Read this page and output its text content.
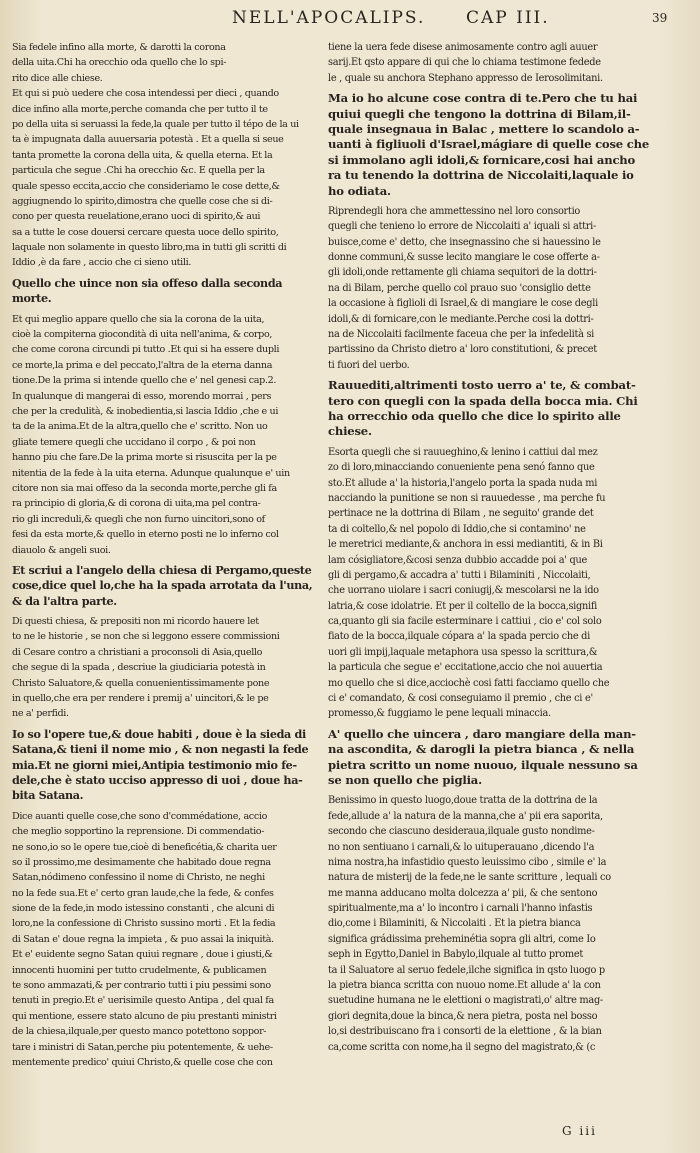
NELL'APOCALIPS. CAP III.	39
Sia fedele infino alla morte, & darotti la corona
della uita.Chi ha orecchio oda quello che lo spi-
rito dice alle chiese.
Et qui si può uedere che cosa intendessi per dieci , quando
dice infino alla morte,perche comanda che per tutto il te
po della uita si seruassi la fede,la quale per tutto il tépo de la ui
ta è impugnata dalla auuersaria potestà . Et a quella si seue
tanta promette la corona della uita, & quella eterna. Et la
particula che segue .Chi ha orecchio &c. E quella per la
quale spesso eccita,accio che consideriamo le cose dette,&
aggiugnendo lo spirito,dimostra che quelle cose che si di-
cono per questa reuelatione,erano uoci di spirito,& aui
sa a tutte le cose douersi cercare questa uoce dello spirito,
laquale non solamente in questo libro,ma in tutti gli scritti di
Iddio ,è da fare , accio che ci sieno utili.
Quello che uince non sia offeso dalla seconda
morte.
Et qui meglio appare quello che sia la corona de la uita,
cioè la compiterna giocondità di uita nell'anima, & corpo,
che come corona circundi pi tutto .Et qui si ha essere dupli
ce morte,la prima e del peccato,l'altra de la eterna danna
tione.De la prima si intende quello che e' nel genesi cap.2.
In qualunque di mangerai di esso, morendo morrai , pers
che per la credulità, & inobedientia,si lascia Iddio ,che e ui
ta de la anima.Et de la altra,quello che e' scritto. Non uo
gliate temere quegli che uccidano il corpo , & poi non
hanno piu che fare.De la prima morte si risuscita per la pe
nitentia de la fede à la uita eterna. Adunque qualunque e' uin
citore non sia mai offeso da la seconda morte,perche gli fa
ra principio di gloria,& di corona di uita,ma pel contra-
rio gli increduli,& quegli che non furno uincitori,sono of
fesi da esta morte,& quello in eterno posti ne lo inferno col
diauolo & angeli suoi.
Et scriui a l'angelo della chiesa di Pergamo,queste
cose,dice quel lo,che ha la spada arrotata da l'una,
& da l'altra parte.
Di questi chiesa, & prepositi non mi ricordo hauere let
to ne le historie , se non che si leggono essere commissioni
di Cesare contro a christiani a proconsoli di Asia,quello
che segue di la spada , descriue la giudiciaria potestà in
Christo Saluatore,& quella conuenientissimamente pone
in quello,che era per rendere i premij a' uincitori,& le pe
ne a' perfidi.
Io so l'opere tue,& doue habiti , doue è la sieda di
Satana,& tieni il nome mio , & non negasti la fede
mia.Et ne giorni miei,Antipia testimonio mio fe-
dele,che è stato ucciso appresso di uoi , doue ha-
bita Satana.
Dice auanti quelle cose,che sono d'commédatione, accio
che meglio sopportino la reprensione. Di commendatio-
ne sono,io so le opere tue,cioè di beneficétia,& charita uer
so il prossimo,me desimamente che habitado doue regna
Satan,nódimeno confessino il nome di Christo, ne neghi
no la fede sua.Et e' certo gran laude,che la fede, & confes
sione de la fede,in modo istessino constanti , che alcuni di
loro,ne la confessione di Christo sussino morti . Et la fedia
di Satan e' doue regna la impieta , & puo assai la iniquità.
Et e' euidente segno Satan quiui regnare , doue i giusti,&
innocenti huomini per tutto crudelmente, & publicamen
te sono ammazati,& per contrario tutti i piu pessimi sono
tenuti in pregio.Et e' uerisimile questo Antipa , del qual fa
qui mentione, essere stato alcuno de piu prestanti ministri
de la chiesa,ilquale,per questo manco potettono soppor-
tare i ministri di Satan,perche piu potentemente, & uehe-
mentemente predico' quiui Christo,& quelle cose che con
tiene la uera fede disese animosamente contro agli auuer
sarij.Et qsto appare di qui che lo chiama testimone fedede
le , quale su anchora Stephano appresso de Ierosolimitani.
Ma io ho alcune cose contra di te.Pero che tu hai
quiui quegli che tengono la dottrina di Bilam,il-
quale insegnaua in Balac , mettere lo scandolo a-
uanti à figliuoli d'Israel,mágiare di quelle cose che
si immolano agli idoli,& fornicare,cosi hai ancho
ra tu tenendo la dottrina de Niccolaiti,laquale io
ho odiata.
Riprendegli hora che ammettessino nel loro consortio
quegli che tenieno lo errore de Niccolaiti a' iquali si attri-
buisce,come e' detto, che insegnassino che si hauessino le
donne communi,& susse lecito mangiare le cose offerte a-
gli idoli,onde rettamente gli chiama sequitori de la dottri-
na di Bilam, perche quello col prauo suo 'consiglio dette
la occasione à figlioli di Israel,& di mangiare le cose degli
idoli,& di fornicare,con le mediante.Perche cosi la dottri-
na de Niccolaiti facilmente faceua che per la infedelità si
partissino da Christo dietro a' loro constitutioni, & precet
ti fuori del uerbo.
Rauuediti,altrimenti tosto uerro a' te, & combat-
tero con quegli con la spada della bocca mia. Chi
ha orrecchio oda quello che dice lo spirito alle
chiese.
Esorta quegli che si rauueghino,& lenino i cattiui dal mez
zo di loro,minacciando conueniente pena senó fanno que
sto.Et allude a' la historia,l'angelo porta la spada nuda mi
nacciando la punitione se non si rauuedesse , ma perche fu
pertinace ne la dottrina di Bilam , ne seguito' grande det
ta di coltello,& nel popolo di Iddio,che si contamino' ne
le meretrici mediante,& anchora in essi mediantiti, & in Bi
lam cósigliatore,&cosi senza dubbio accadde poi a' que
gli di pergamo,& accadra a' tutti i Bilaminiti , Niccolaiti,
che uorrano uiolare i sacri coniugij,& mescolarsi ne la ido
latria,& cose idolatrie. Et per il coltello de la bocca,signifi
ca,quanto gli sia facile esterminare i cattiui , cio e' col solo
fiato de la bocca,ilquale cópara a' la spada percio che di
uori gli impij,laquale metaphora usa spesso la scrittura,&
la particula che segue e' eccitatione,accio che noi auuertia
mo quello che si dice,acciochè cosi fatti facciamo quello che
ci e' comandato, & cosi conseguiamo il premio , che ci e'
promesso,& fuggiamo le pene lequali minaccia.
A' quello che uincera , daro mangiare della man-
na ascondita, & darogli la pietra bianca , & nella
pietra scritto un nome nuouo, ilquale nessuno sa
se non quello che piglia.
Benissimo in questo luogo,doue tratta de la dottrina de la
fede,allude a' la natura de la manna,che a' pii era saporita,
secondo che ciascuno desideraua,ilquale gusto nondime-
no non sentiuano i carnali,& lo uituperauano ,dicendo l'a
nima nostra,ha infastidio questo leuissimo cibo , simile e' la
natura de misterij de la fede,ne le sante scritture , lequali co
me manna adducano molta dolcezza a' pii, & che sentono
spiritualmente,ma a' lo incontro i carnali l'hanno infastis
dio,come i Bilaminiti, & Niccolaiti . Et la pietra bianca
significa grádissima preheminétia sopra gli altri, come Io
seph in Egytto,Daniel in Babylo,ilquale al tutto promet
ta il Saluatore al seruo fedele,ilche significa in qsto luogo p
la pietra bianca scritta con nuouo nome.Et allude a' la con
suetudine humana ne le elettioni o magistrati,o' altre mag-
giori degnita,doue la binca,& nera pietra, posta nel bosso
lo,si destribuiscano fra i consorti de la elettione , & la bian
ca,come scritta con nome,ha il segno del magistrato,& (c
G iii
